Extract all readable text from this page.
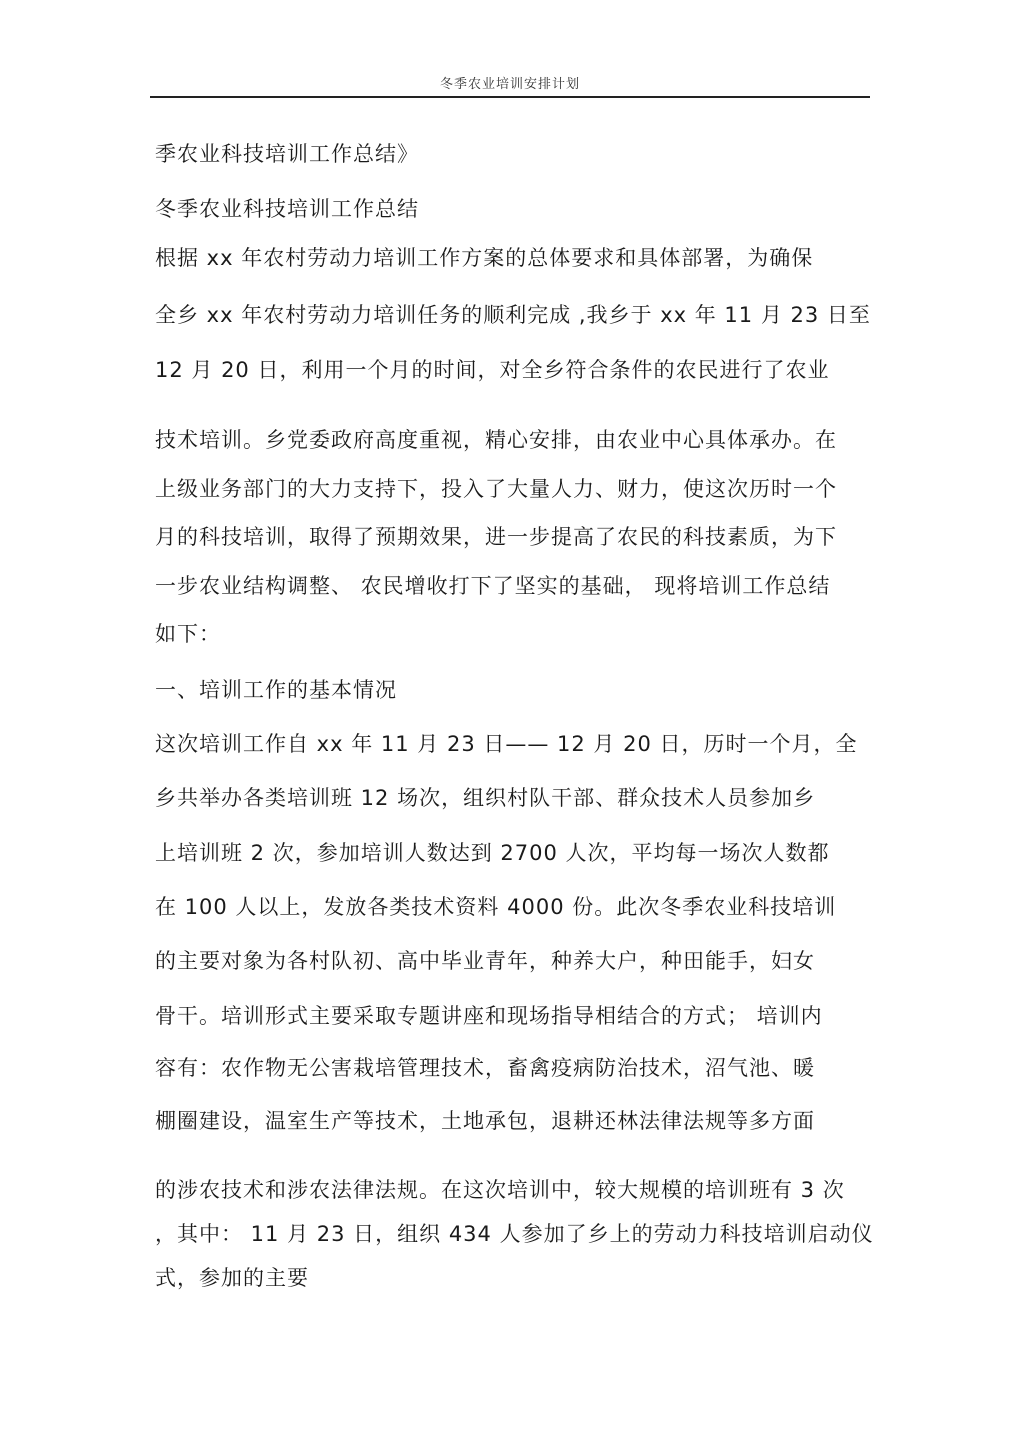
冬季农业培训安排计划
季农业科技培训工作总结》
冬季农业科技培训工作总结
根据 xx 年农村劳动力培训工作方案的总体要求和具体部署，为确保
全乡 xx 年农村劳动力培训任务的顺利完成 ,我乡于 xx 年 11 月 23 日至
12 月 20 日，利用一个月的时间，对全乡符合条件的农民进行了农业
技术培训。乡党委政府高度重视，精心安排，由农业中心具体承办。在
上级业务部门的大力支持下，投入了大量人力、财力，使这次历时一个
月的科技培训，取得了预期效果，进一步提高了农民的科技素质，为下
一步农业结构调整、 农民增收打下了坚实的基础， 现将培训工作总结
如下：
一、培训工作的基本情况
这次培训工作自 xx 年 11 月 23 日—— 12 月 20 日，历时一个月，全
乡共举办各类培训班 12 场次，组织村队干部、群众技术人员参加乡
上培训班 2 次，参加培训人数达到 2700 人次，平均每一场次人数都
在 100 人以上，发放各类技术资料 4000 份。此次冬季农业科技培训
的主要对象为各村队初、高中毕业青年，种养大户，种田能手，妇女
骨干。培训形式主要采取专题讲座和现场指导相结合的方式； 培训内
容有：农作物无公害栽培管理技术，畜禽疫病防治技术，沼气池、暖
棚圈建设，温室生产等技术，土地承包，退耕还林法律法规等多方面
的涉农技术和涉农法律法规。在这次培训中，较大规模的培训班有 3 次
，其中： 11 月 23 日，组织 434 人参加了乡上的劳动力科技培训启动仪
式，参加的主要
